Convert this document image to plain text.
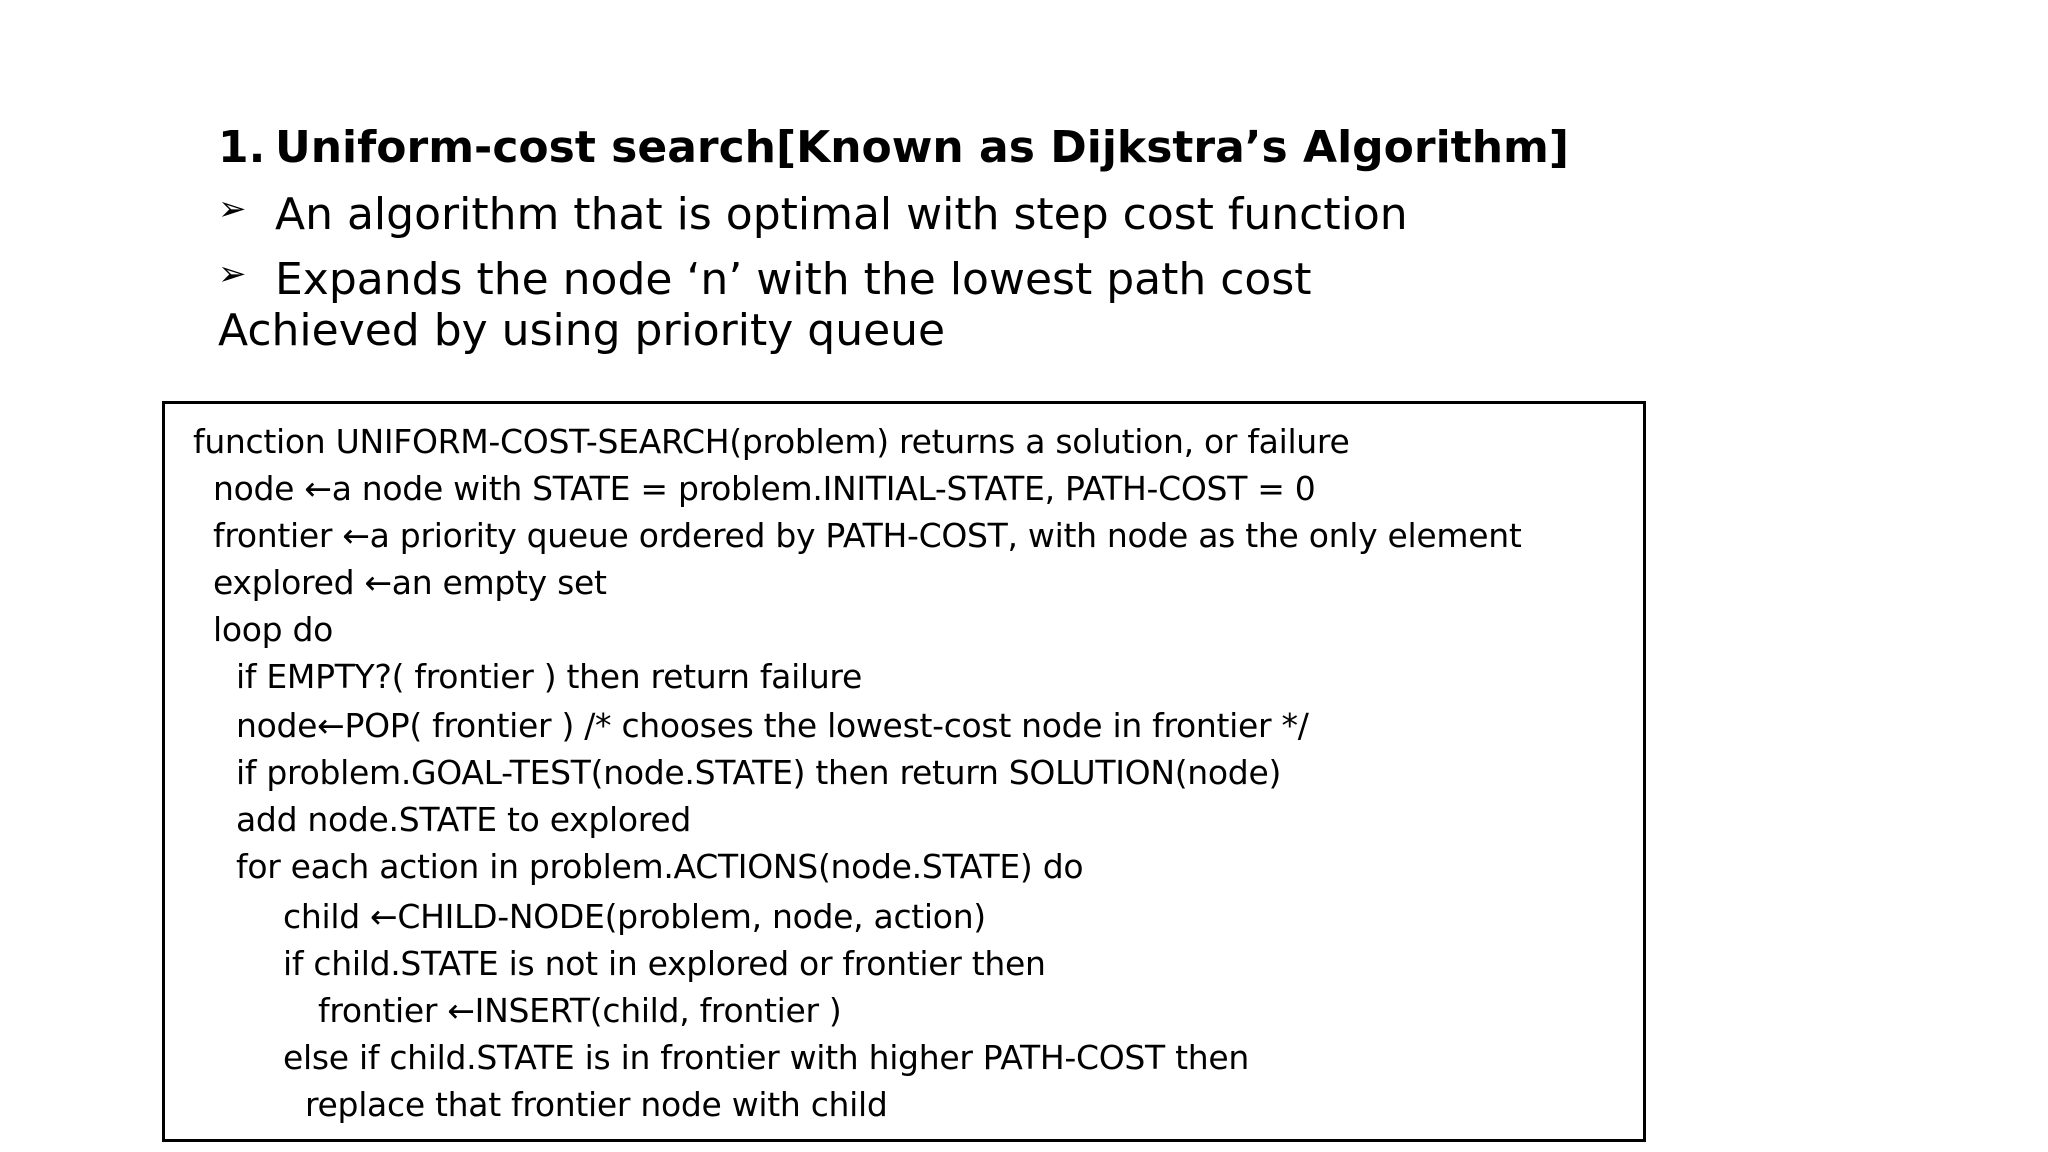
1. Uniform-cost search[Known as Dijkstra’s Algorithm]
➢ An algorithm that is optimal with step cost function
➢ Expands the node ‘n’ with the lowest path cost
Achieved by using priority queue
function UNIFORM-COST-SEARCH(problem) returns a solution, or failure
node ←a node with STATE = problem.INITIAL-STATE, PATH-COST = 0
frontier ←a priority queue ordered by PATH-COST, with node as the only element
explored ←an empty set
loop do
if EMPTY?( frontier ) then return failure
node←POP( frontier ) /* chooses the lowest-cost node in frontier */
if problem.GOAL-TEST(node.STATE) then return SOLUTION(node)
add node.STATE to explored
for each action in problem.ACTIONS(node.STATE) do
child ←CHILD-NODE(problem, node, action)
if child.STATE is not in explored or frontier then
frontier ←INSERT(child, frontier )
else if child.STATE is in frontier with higher PATH-COST then
replace that frontier node with child
